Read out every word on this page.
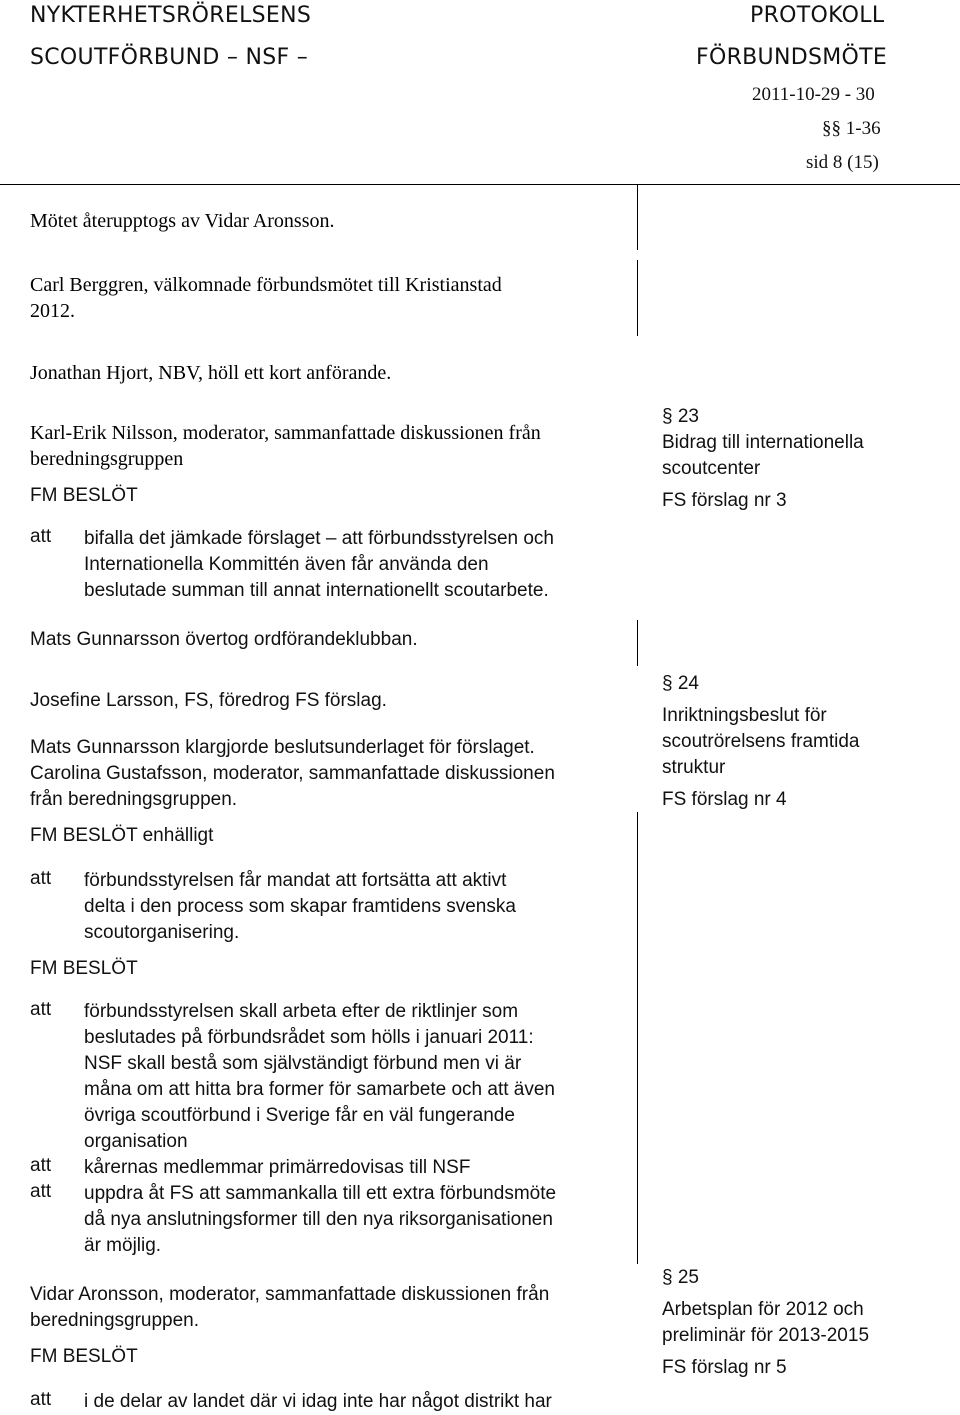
NYKTERHETSRÖRELSENS
SCOUTFÖRBUND – NSF –
PROTOKOLL
FÖRBUNDSMÖTE
2011-10-29 - 30
§§ 1-36
sid 8 (15)
Mötet återupptogs av Vidar Aronsson.
Carl Berggren, välkomnade förbundsmötet till Kristianstad
2012.
Jonathan Hjort, NBV, höll ett kort anförande.
Karl-Erik Nilsson, moderator, sammanfattade diskussionen från
beredningsgruppen
FM BESLÖT
att bifalla det jämkade förslaget – att förbundsstyrelsen och
Internationella Kommittén även får använda den
beslutade summan till annat internationellt scoutarbete.
Mats Gunnarsson övertog ordförandeklubban.
Josefine Larsson, FS, föredrog FS förslag.
Mats Gunnarsson klargjorde beslutsunderlaget för förslaget.
Carolina Gustafsson, moderator, sammanfattade diskussionen
från beredningsgruppen.
FM BESLÖT enhälligt
att förbundsstyrelsen får mandat att fortsätta att aktivt
delta i den process som skapar framtidens svenska
scoutorganisering.
FM BESLÖT
att förbundsstyrelsen skall arbeta efter de riktlinjer som
beslutades på förbundsrådet som hölls i januari 2011:
NSF skall bestå som självständigt förbund men vi är
måna om att hitta bra former för samarbete och att även
övriga scoutförbund i Sverige får en väl fungerande
organisation
att kårernas medlemmar primärredovisas till NSF
att uppdra åt FS att sammankalla till ett extra förbundsmöte
då nya anslutningsformer till den nya riksorganisationen
är möjlig.
Vidar Aronsson, moderator, sammanfattade diskussionen från
beredningsgruppen.
FM BESLÖT
att i de delar av landet där vi idag inte har något distrikt har
§ 23
Bidrag till internationella
scoutcenter
FS förslag nr 3
§ 24
Inriktningsbeslut för
scoutrörelsens framtida
struktur
FS förslag nr 4
§ 25
Arbetsplan för 2012 och
preliminär för 2013-2015
FS förslag nr 5
